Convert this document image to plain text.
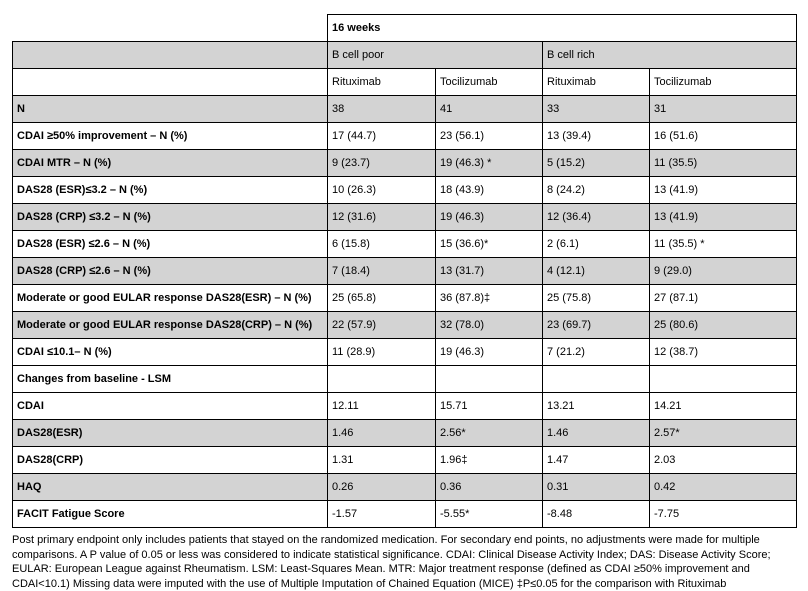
	16 weeks			
	B cell poor		B cell rich	
	Rituximab	Tocilizumab	Rituximab	Tocilizumab
N	38	41	33	31
CDAI ≥50% improvement – N (%)	17 (44.7)	23 (56.1)	13 (39.4)	16 (51.6)
CDAI MTR – N (%)	9 (23.7)	19 (46.3) *	5 (15.2)	11 (35.5)
DAS28 (ESR)≤3.2 – N (%)	10 (26.3)	18 (43.9)	8 (24.2)	13 (41.9)
DAS28 (CRP) ≤3.2 – N (%)	12 (31.6)	19 (46.3)	12 (36.4)	13 (41.9)
DAS28 (ESR) ≤2.6 – N (%)	6 (15.8)	15 (36.6)*	2 (6.1)	11 (35.5) *
DAS28 (CRP) ≤2.6 – N (%)	7 (18.4)	13 (31.7)	4 (12.1)	9 (29.0)
Moderate or good EULAR response DAS28(ESR) – N (%)	25 (65.8)	36 (87.8)‡	25 (75.8)	27 (87.1)
Moderate or good EULAR response DAS28(CRP) – N (%)	22 (57.9)	32 (78.0)	23 (69.7)	25 (80.6)
CDAI ≤10.1– N (%)	11 (28.9)	19 (46.3)	7 (21.2)	12 (38.7)
Changes from baseline - LSM				
CDAI	12.11	15.71	13.21	14.21
DAS28(ESR)	1.46	2.56*	1.46	2.57*
DAS28(CRP)	1.31	1.96‡	1.47	2.03
HAQ	0.26	0.36	0.31	0.42
FACIT Fatigue Score	-1.57	-5.55*	-8.48	-7.75

Post primary endpoint only includes patients that stayed on the randomized medication. For secondary end points, no adjustments were made for multiple comparisons. A P value of 0.05 or less was considered to indicate statistical significance. CDAI: Clinical Disease Activity Index; DAS: Disease Activity Score; EULAR: European League against Rheumatism. LSM: Least-Squares Mean. MTR: Major treatment response (defined as CDAI ≥50% improvement and CDAI<10.1) Missing data were imputed with the use of Multiple Imputation of Chained Equation (MICE) ‡P≤0.05 for the comparison with Rituximab
